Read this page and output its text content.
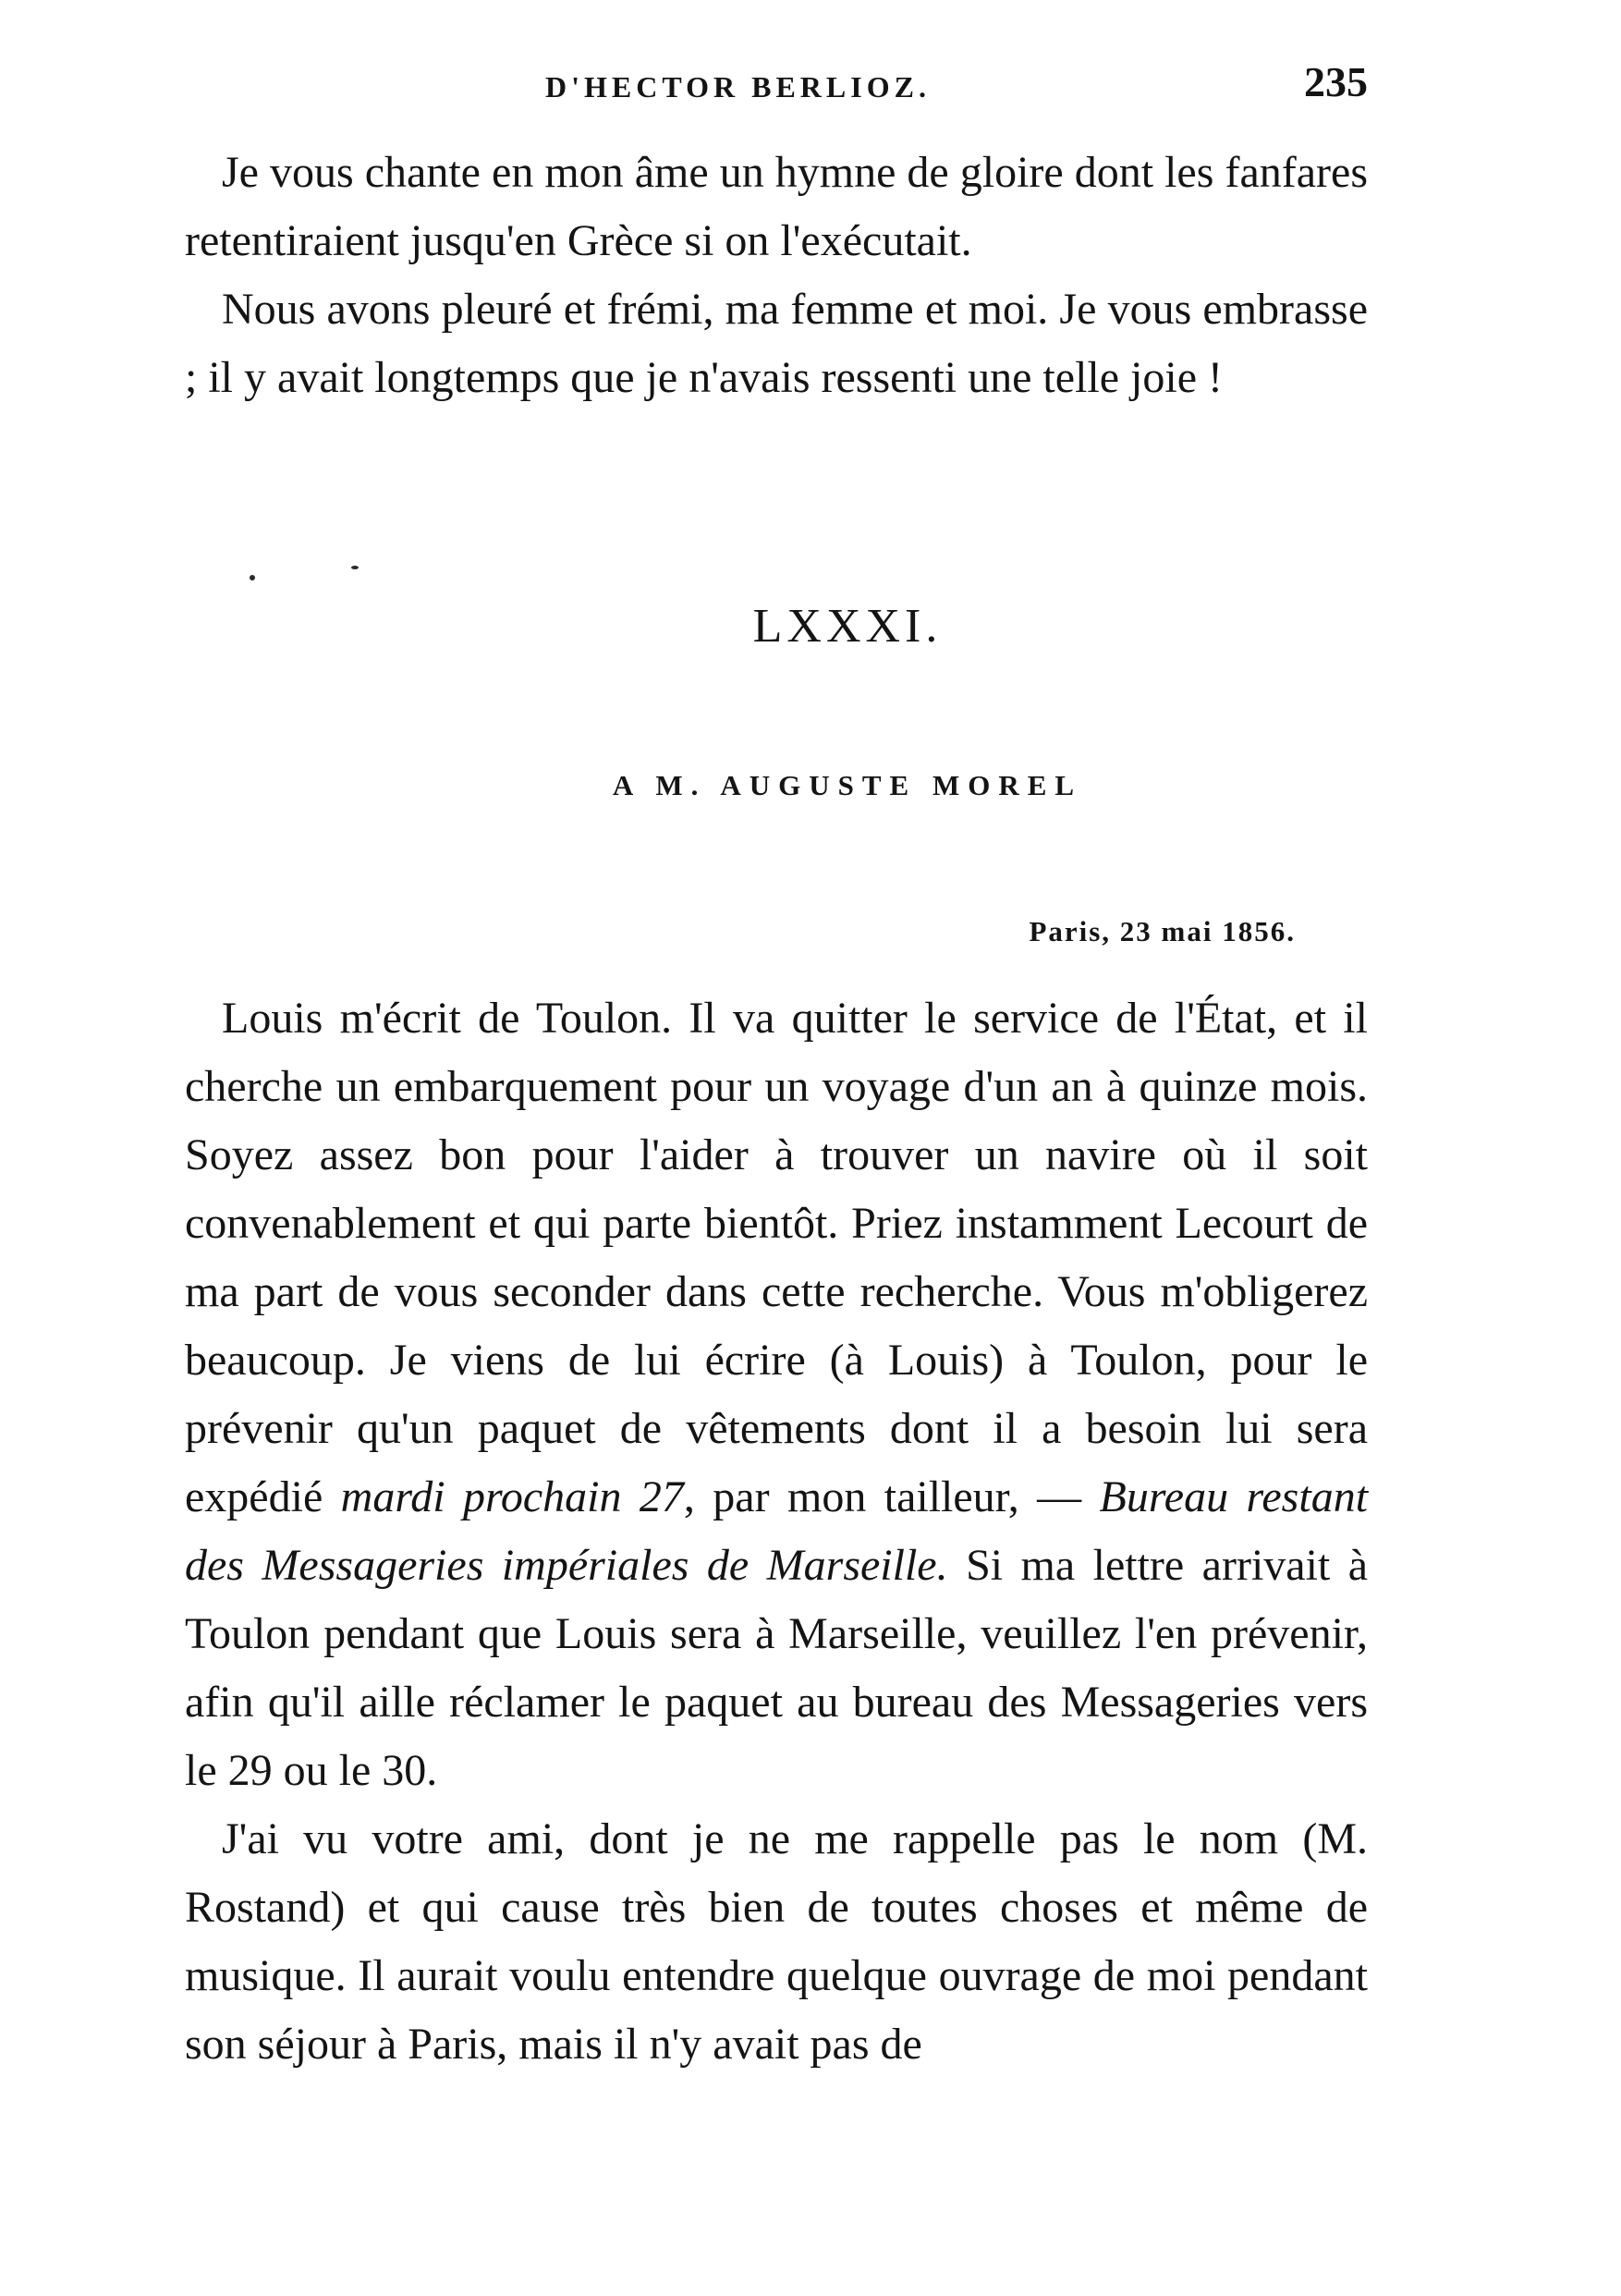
D'HECTOR BERLIOZ.	235

Je vous chante en mon âme un hymne de gloire dont les fanfares retentiraient jusqu'en Grèce si on l'exécutait.

Nous avons pleuré et frémi, ma femme et moi. Je vous embrasse ; il y avait longtemps que je n'avais ressenti une telle joie !

LXXXI.
A M. AUGUSTE MOREL
Paris, 23 mai 1856.

Louis m'écrit de Toulon. Il va quitter le service de l'État, et il cherche un embarquement pour un voyage d'un an à quinze mois. Soyez assez bon pour l'aider à trouver un navire où il soit convenablement et qui parte bientôt. Priez instamment Lecourt de ma part de vous seconder dans cette recherche. Vous m'obligerez beaucoup. Je viens de lui écrire (à Louis) à Toulon, pour le prévenir qu'un paquet de vêtements dont il a besoin lui sera expédié mardi prochain 27, par mon tailleur, — Bureau restant des Messageries impériales de Marseille. Si ma lettre arrivait à Toulon pendant que Louis sera à Marseille, veuillez l'en prévenir, afin qu'il aille réclamer le paquet au bureau des Messageries vers le 29 ou le 30.

J'ai vu votre ami, dont je ne me rappelle pas le nom (M. Rostand) et qui cause très bien de toutes choses et même de musique. Il aurait voulu entendre quelque ouvrage de moi pendant son séjour à Paris, mais il n'y avait pas de
